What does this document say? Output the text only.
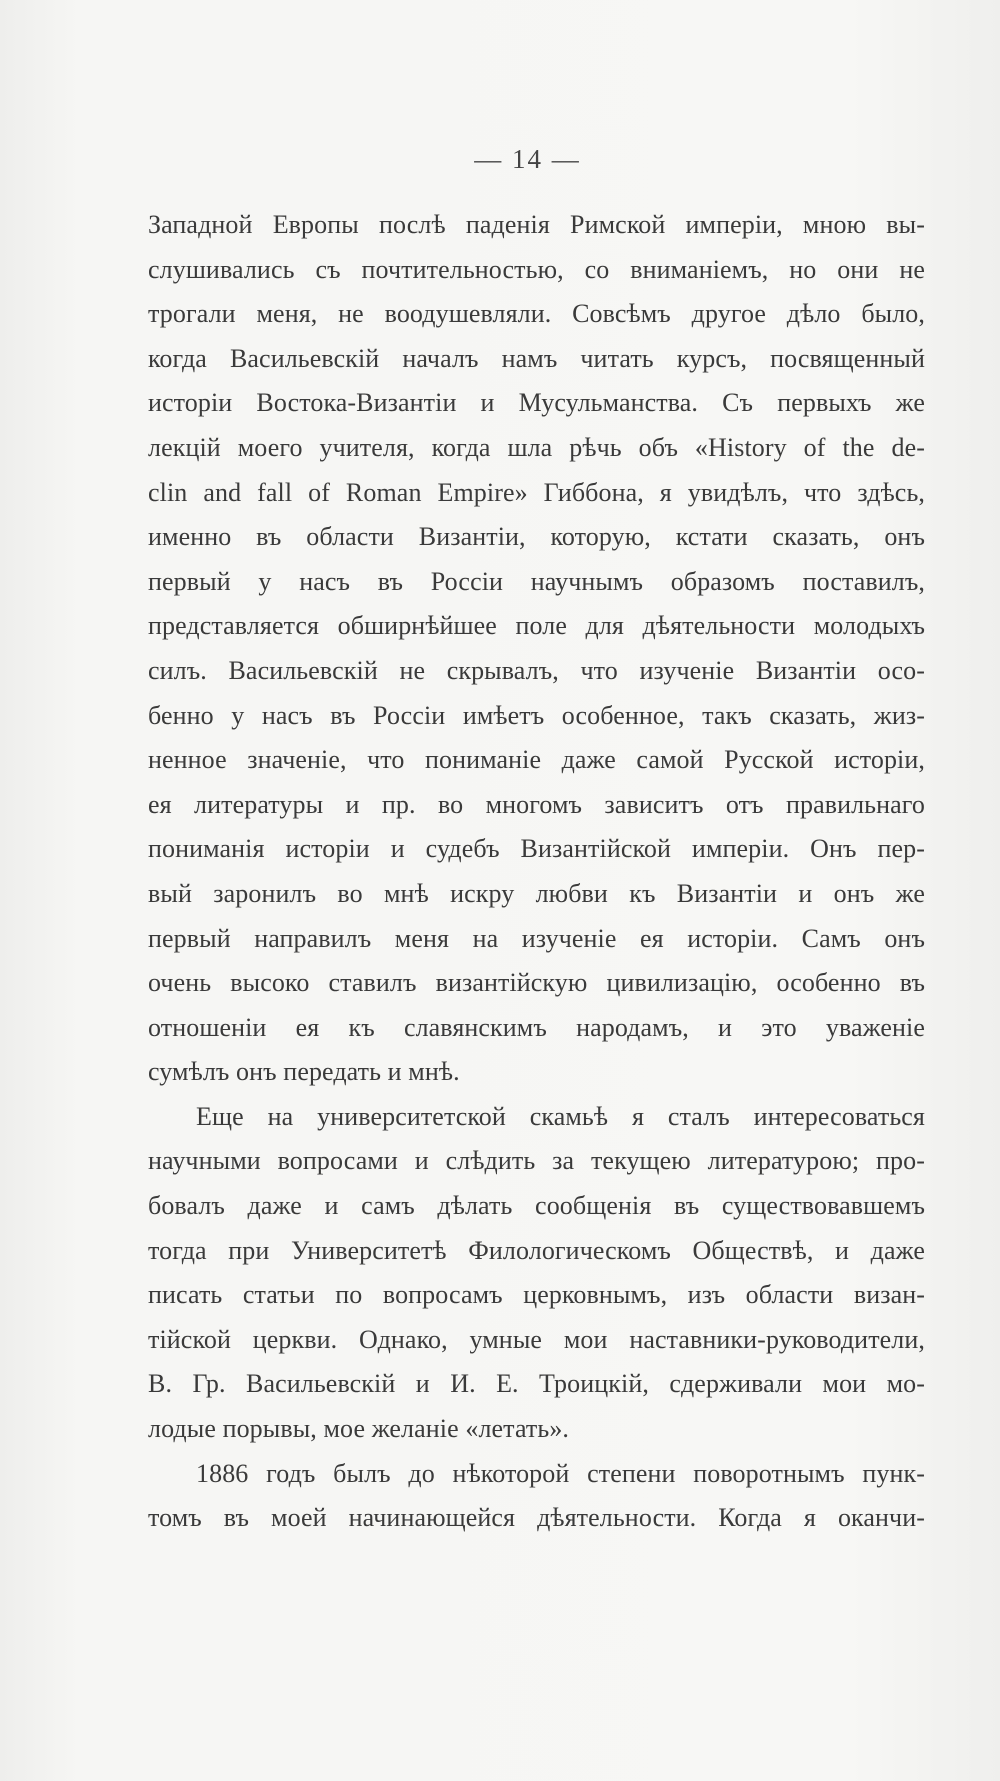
— 14 —
Западной Европы послѣ паденія Римской имперіи, мною вы-
слушивались съ почтительностью, со вниманіемъ, но они не
трогали меня, не воодушевляли. Совсѣмъ другое дѣло было,
когда Васильевскій началъ намъ читать курсъ, посвященный
исторіи Востока-Византіи и Мусульманства. Съ первыхъ же
лекцій моего учителя, когда шла рѣчь объ «History of the de-
clin and fall of Roman Empire» Гиббона, я увидѣлъ, что здѣсь,
именно въ области Византіи, которую, кстати сказать, онъ
первый у насъ въ Россіи научнымъ образомъ поставилъ,
представляется обширнѣйшее поле для дѣятельности молодыхъ
силъ. Васильевскій не скрывалъ, что изученіе Византіи осо-
бенно у насъ въ Россіи имѣетъ особенное, такъ сказать, жиз-
ненное значеніе, что пониманіе даже самой Русской исторіи,
ея литературы и пр. во многомъ зависитъ отъ правильнаго
пониманія исторіи и судебъ Византійской имперіи. Онъ пер-
вый заронилъ во мнѣ искру любви къ Византіи и онъ же
первый направилъ меня на изученіе ея исторіи. Самъ онъ
очень высоко ставилъ византійскую цивилизацію, особенно въ
отношеніи ея къ славянскимъ народамъ, и это уваженіе
сумѣлъ онъ передать и мнѣ.
Еще на университетской скамьѣ я сталъ интересоваться
научными вопросами и слѣдить за текущею литературою; про-
бовалъ даже и самъ дѣлать сообщенія въ существовавшемъ
тогда при Университетѣ Филологическомъ Обществѣ, и даже
писать статьи по вопросамъ церковнымъ, изъ области визан-
тійской церкви. Однако, умные мои наставники-руководители,
В. Гр. Васильевскій и И. Е. Троицкій, сдерживали мои мо-
лодые порывы, мое желаніе «летать».
1886 годъ былъ до нѣкоторой степени поворотнымъ пунк-
томъ въ моей начинающейся дѣятельности. Когда я оканчи-
